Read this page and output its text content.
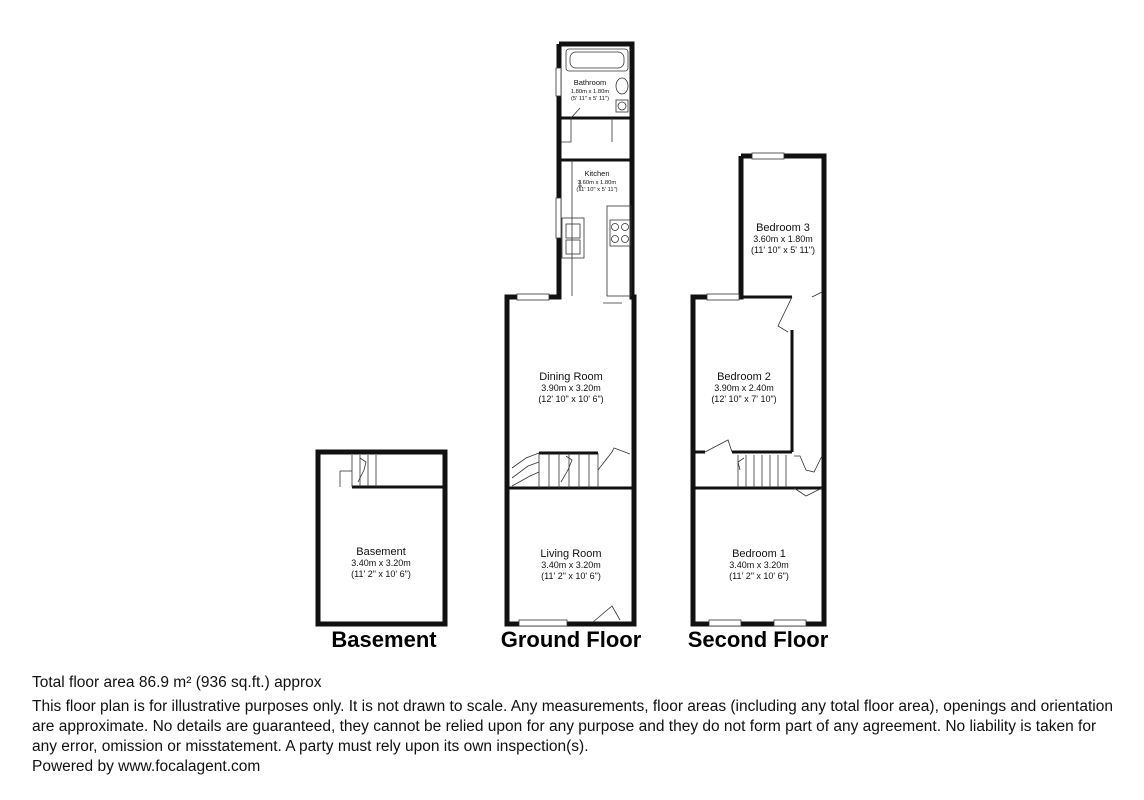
Basement
3.40m x 3.20m
(11' 2" x 10' 6")
Basement
Bathroom
1.80m x 1.80m
(5' 11" x 5' 11")
Kitchen
3.60m x 1.80m
(11' 10" x 5' 11")
Dining Room
3.90m x 3.20m
(12' 10" x 10' 6")
Living Room
3.40m x 3.20m
(11' 2" x 10' 6")
Ground Floor
Bedroom 3
3.60m x 1.80m
(11' 10" x 5' 11")
Bedroom 2
3.90m x 2.40m
(12' 10" x 7' 10")
Bedroom 1
3.40m x 3.20m
(11' 2" x 10' 6")
Second Floor

Total floor area 86.9 m² (936 sq.ft.) approx

This floor plan is for illustrative purposes only. It is not drawn to scale. Any measurements, floor areas (including any total floor area), openings and orientation are approximate. No details are guaranteed, they cannot be relied upon for any purpose and they do not form part of any agreement. No liability is taken for any error, omission or misstatement. A party must rely upon its own inspection(s).

Powered by www.focalagent.com
